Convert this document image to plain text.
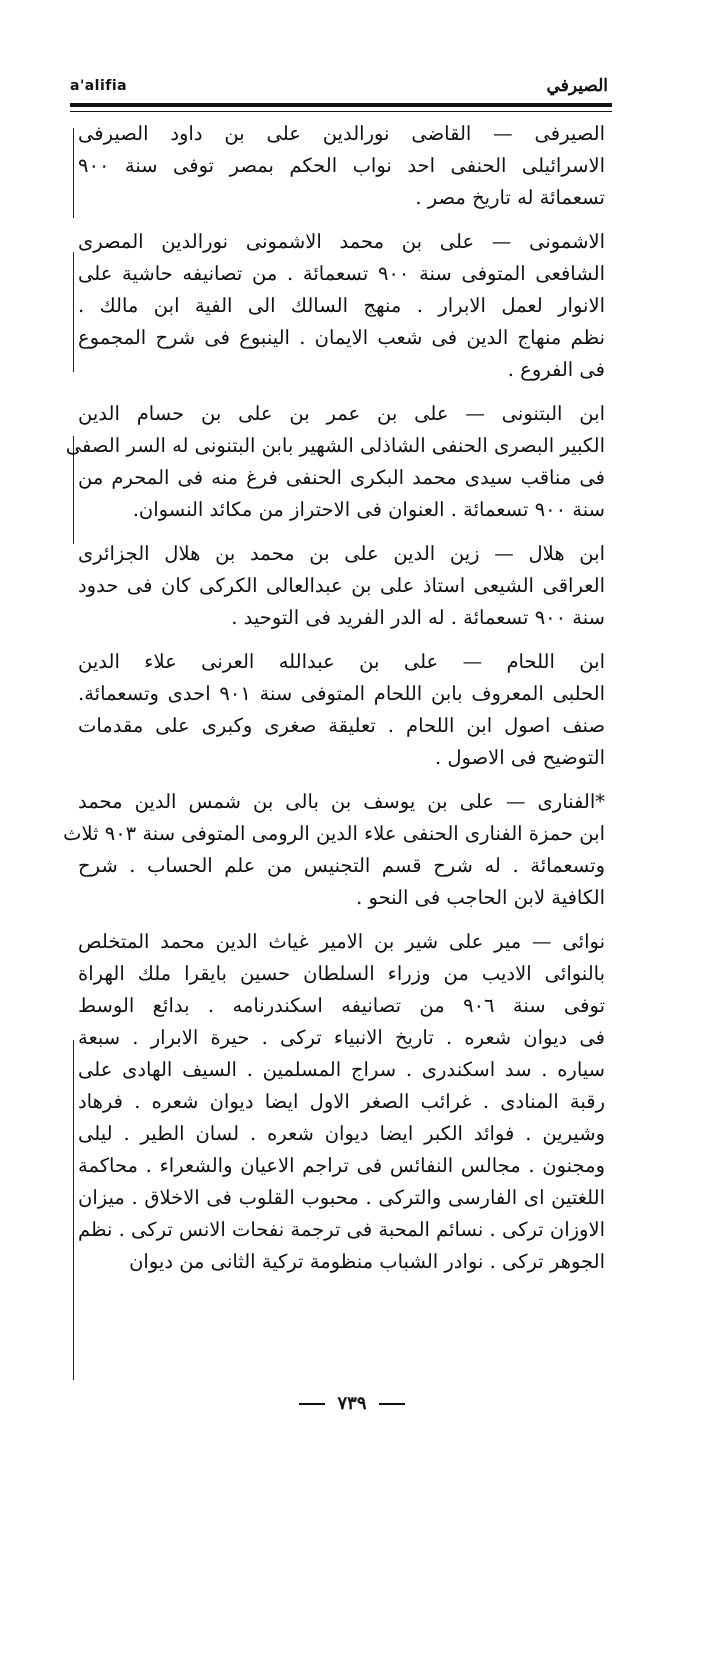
a'alifia	الصيرفي
الصيرفى — القاضى نورالدين على بن داود الصيرفى
الاسرائيلى الحنفى احد نواب الحكم بمصر توفى سنة ٩٠٠
تسعمائة له تاريخ مصر .
الاشمونى — على بن محمد الاشمونى نورالدين المصرى
الشافعى المتوفى سنة ٩٠٠ تسعمائة . من تصانيفه حاشية على
الانوار لعمل الابرار . منهج السالك الى الفية ابن مالك .
نظم منهاج الدين فى شعب الايمان . الينبوع فى شرح المجموع
فى الفروع .
ابن البتنونى — على بن عمر بن على بن حسام الدين
الكبير البصرى الحنفى الشاذلى الشهير بابن البتنونى له السر الصفى
فى مناقب سيدى محمد البكرى الحنفى فرغ منه فى المحرم من
سنة ٩٠٠ تسعمائة . العنوان فى الاحتراز من مكائد النسوان.
ابن هلال — زين الدين على بن محمد بن هلال الجزائرى
العراقى الشيعى استاذ على بن عبدالعالى الكركى كان فى حدود
سنة ٩٠٠ تسعمائة . له الدر الفريد فى التوحيد .
ابن اللحام — على بن عبدالله العرنى علاء الدين
الحلبى المعروف بابن اللحام المتوفى سنة ٩٠١ احدى وتسعمائة.
صنف اصول ابن اللحام . تعليقة صغرى وكبرى على مقدمات
التوضيح فى الاصول .
*الفنارى — على بن يوسف بن بالى بن شمس الدين محمد
ابن حمزة الفنارى الحنفى علاء الدين الرومى المتوفى سنة ٩٠٣ ثلاث
وتسعمائة . له شرح قسم التجنيس من علم الحساب . شرح
الكافية لابن الحاجب فى النحو .
نوائى — مير على شير بن الامير غياث الدين محمد المتخلص
بالنوائى الاديب من وزراء السلطان حسين بايقرا ملك الهراة
توفى سنة ٩٠٦ من تصانيفه اسكندرنامه . بدائع الوسط
فى ديوان شعره . تاريخ الانبياء تركى . حيرة الابرار . سبعة
سياره . سد اسكندرى . سراج المسلمين . السيف الهادى على
رقبة المنادى . غرائب الصغر الاول ايضا ديوان شعره . فرهاد
وشيرين . فوائد الكبر ايضا ديوان شعره . لسان الطير . ليلى
ومجنون . مجالس النفائس فى تراجم الاعيان والشعراء . محاكمة
اللغتين اى الفارسى والتركى . محبوب القلوب فى الاخلاق . ميزان
الاوزان تركى . نسائم المحبة فى ترجمة نفحات الانس تركى . نظم
الجوهر تركى . نوادر الشباب منظومة تركية الثانى من ديوان
٧٣٩
